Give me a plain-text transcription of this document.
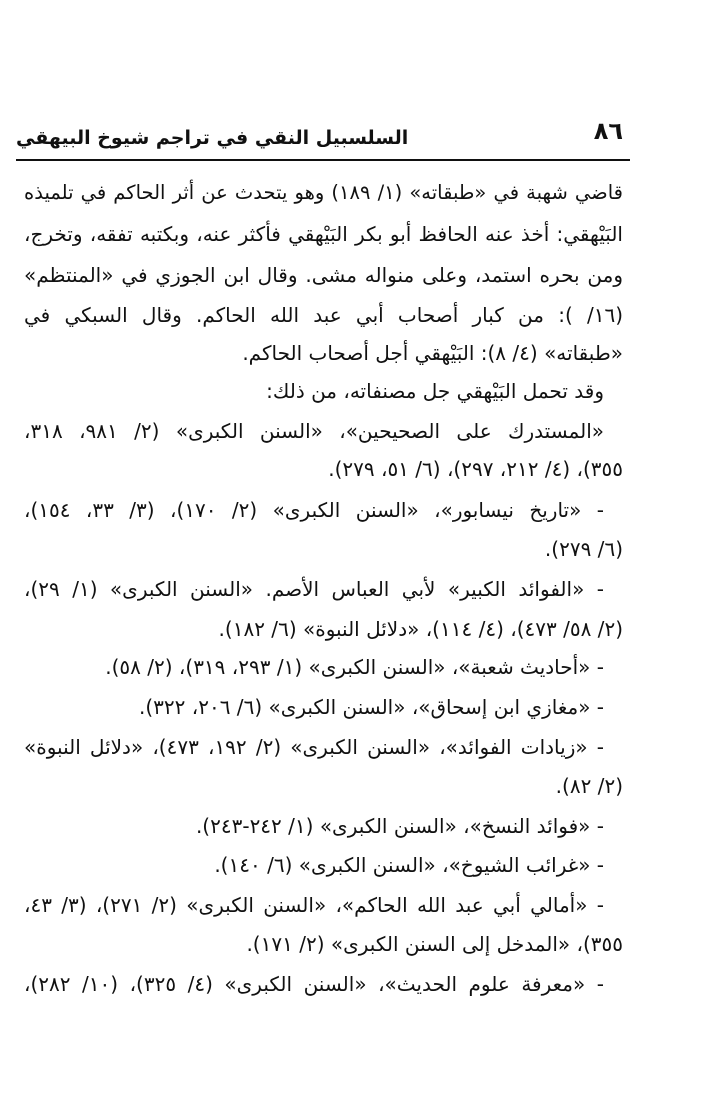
٨٦
السلسبيل النقي في تراجم شيوخ البيهقي
قاضي شهبة في «طبقاته» (١/ ١٨٩) وهو يتحدث عن أثر الحاكم في تلميذه
البَيْهقي: أخذ عنه الحافظ أبو بكر البَيْهقي فأكثر عنه، وبكتبه تفقه، وتخرج،
ومن بحره استمد، وعلى منواله مشى. وقال ابن الجوزي في «المنتظم»
(١٦/ ): من كبار أصحاب أبي عبد الله الحاكم. وقال السبكي في
«طبقاته» (٤/ ٨): البَيْهقي أجل أصحاب الحاكم.
وقد تحمل البَيْهقي جل مصنفاته، من ذلك:
«المستدرك على الصحيحين»، «السنن الكبرى» (٢/ ٩٨١، ٣١٨،
٣٥٥)، (٤/ ٢١٢، ٢٩٧)، (٦/ ٥١، ٢٧٩).
- «تاريخ نيسابور»، «السنن الكبرى» (٢/ ١٧٠)، (٣/ ٣٣، ١٥٤)،
(٦/ ٢٧٩).
- «الفوائد الكبير» لأبي العباس الأصم. «السنن الكبرى» (١/ ٢٩)،
(٢/ ٥٨/ ٤٧٣)، (٤/ ١١٤)، «دلائل النبوة» (٦/ ١٨٢).
- «أحاديث شعبة»، «السنن الكبرى» (١/ ٢٩٣، ٣١٩)، (٢/ ٥٨).
- «مغازي ابن إسحاق»، «السنن الكبرى» (٦/ ٢٠٦، ٣٢٢).
- «زيادات الفوائد»، «السنن الكبرى» (٢/ ١٩٢، ٤٧٣)، «دلائل النبوة»
(٢/ ٨٢).
- «فوائد النسخ»، «السنن الكبرى» (١/ ٢٤٢-٢٤٣).
- «غرائب الشيوخ»، «السنن الكبرى» (٦/ ١٤٠).
- «أمالي أبي عبد الله الحاكم»، «السنن الكبرى» (٢/ ٢٧١)، (٣/ ٤٣،
٣٥٥)، «المدخل إلى السنن الكبرى» (٢/ ١٧١).
- «معرفة علوم الحديث»، «السنن الكبرى» (٤/ ٣٢٥)، (١٠/ ٢٨٢)،
